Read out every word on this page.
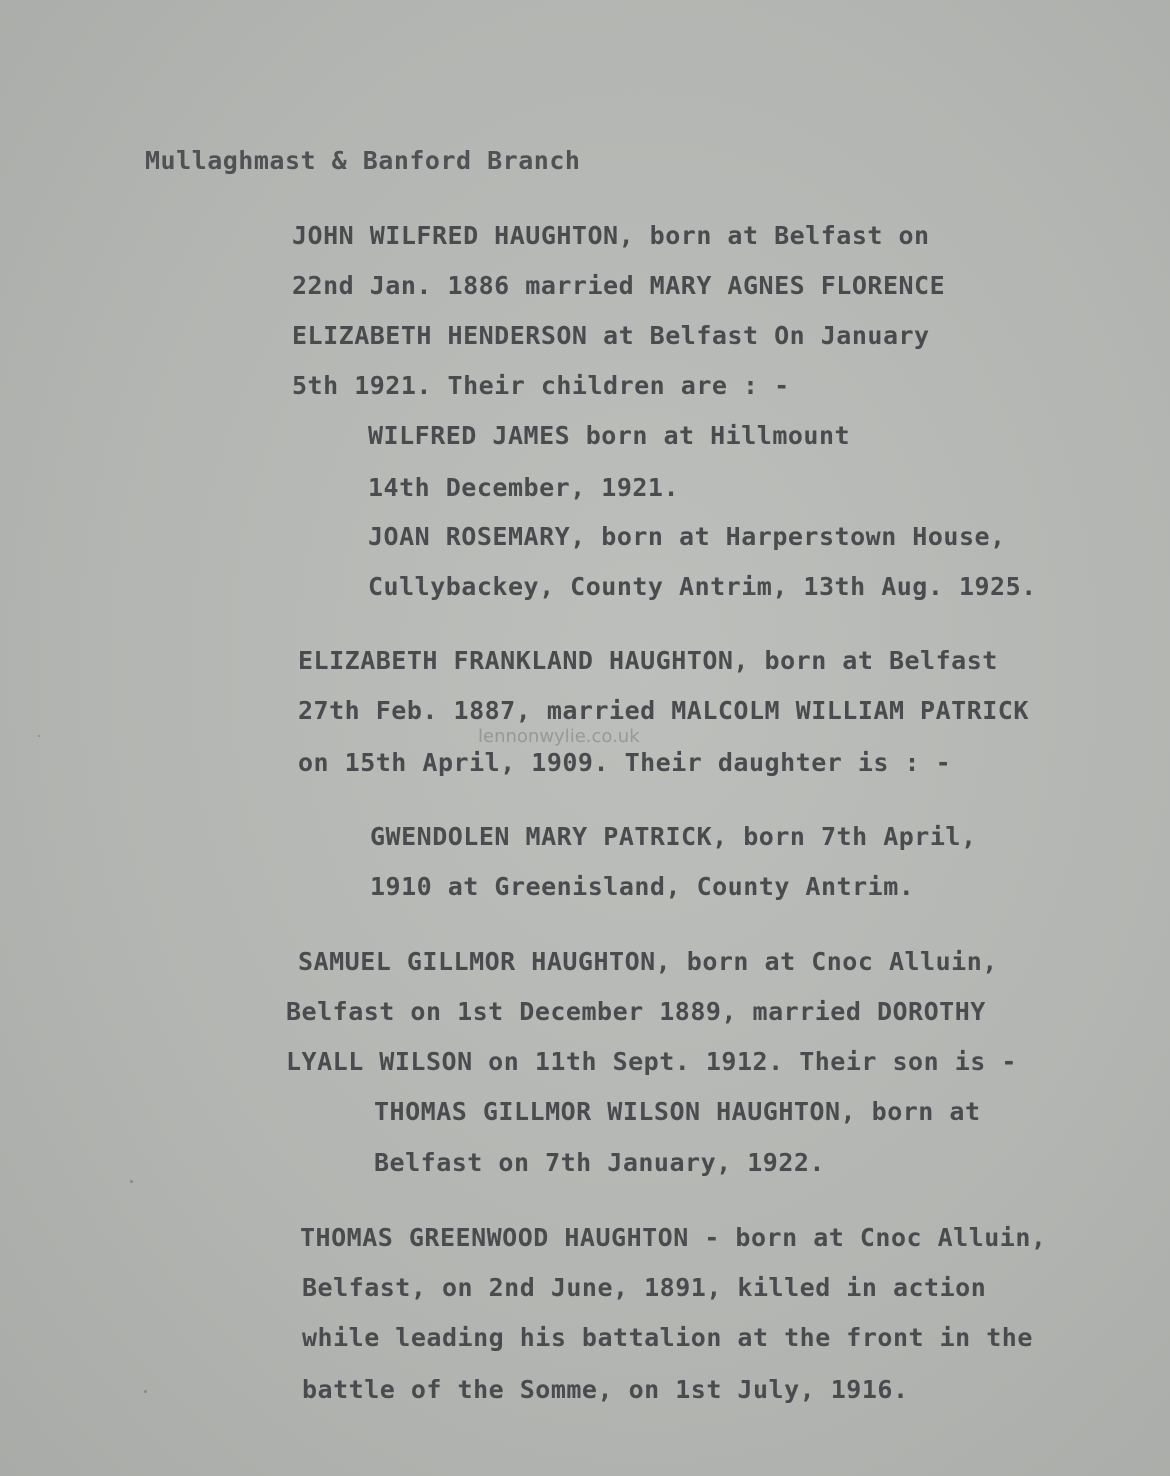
Mullaghmast & Banford Branch
JOHN WILFRED HAUGHTON, born at Belfast on
22nd Jan. 1886 married MARY AGNES FLORENCE
ELIZABETH HENDERSON at Belfast On January
5th 1921. Their children are : -
WILFRED JAMES born at Hillmount
14th December, 1921.
JOAN ROSEMARY, born at Harperstown House,
Cullybackey, County Antrim, 13th Aug. 1925.
ELIZABETH FRANKLAND HAUGHTON, born at Belfast
27th Feb. 1887, married MALCOLM WILLIAM PATRICK
on 15th April, 1909. Their daughter is : -
GWENDOLEN MARY PATRICK, born 7th April,
1910 at Greenisland, County Antrim.
SAMUEL GILLMOR HAUGHTON, born at Cnoc Alluin,
Belfast on 1st December 1889, married DOROTHY
LYALL WILSON on 11th Sept. 1912. Their son is -
THOMAS GILLMOR WILSON HAUGHTON, born at
Belfast on 7th January, 1922.
THOMAS GREENWOOD HAUGHTON - born at Cnoc Alluin,
Belfast, on 2nd June, 1891, killed in action
while leading his battalion at the front in the
battle of the Somme, on 1st July, 1916.
lennonwylie.co.uk
